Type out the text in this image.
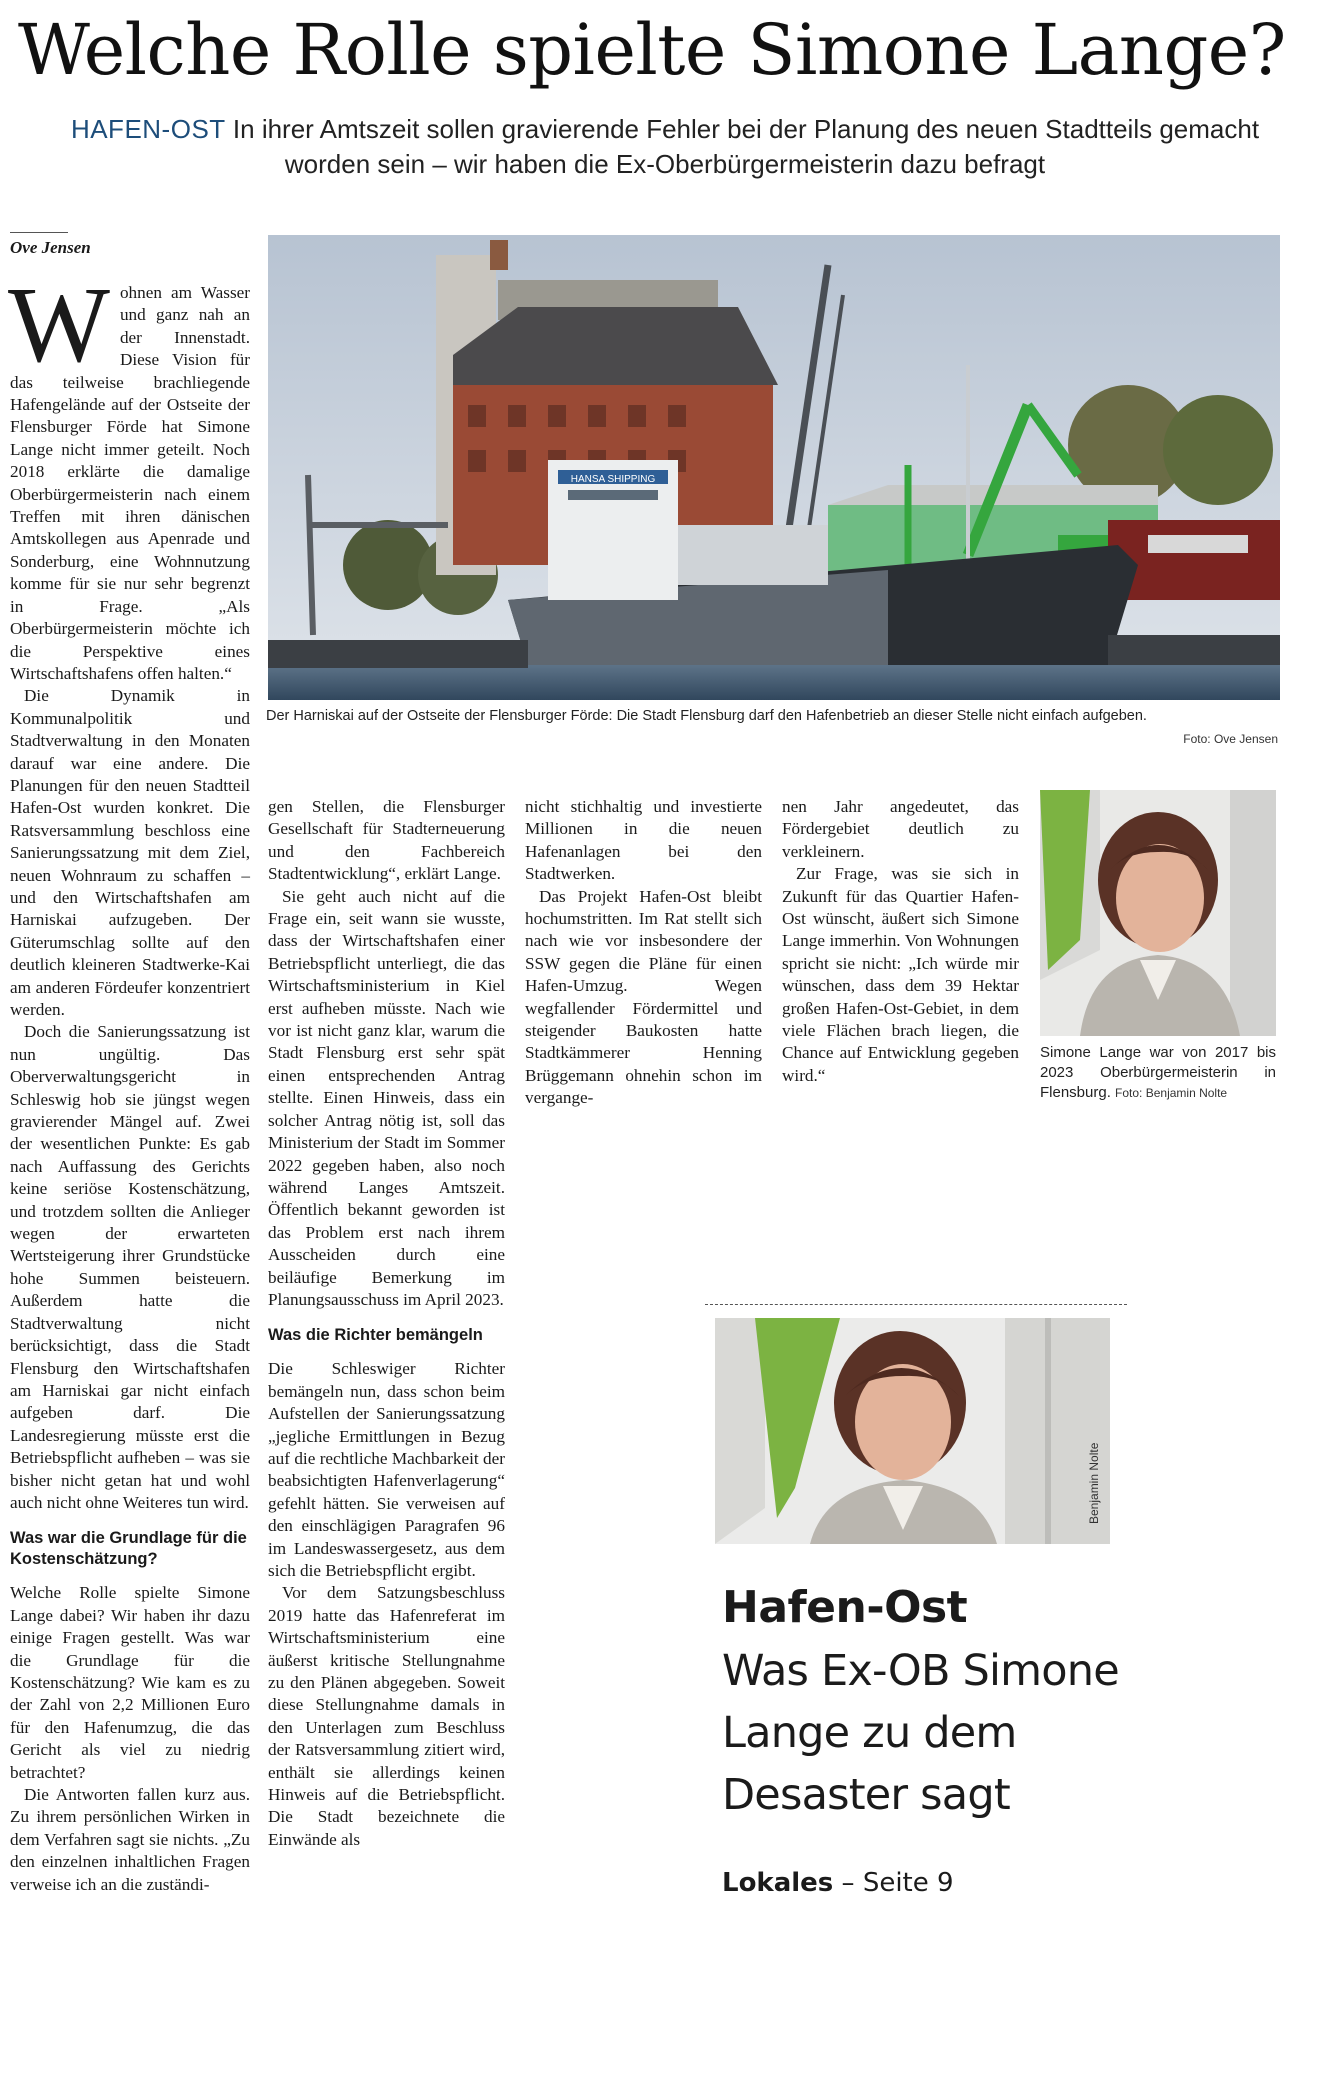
Welche Rolle spielte Simone Lange?
HAFEN-OST In ihrer Amtszeit sollen gravierende Fehler bei der Planung des neuen Stadtteils gemacht worden sein – wir haben die Ex-Oberbürgermeisterin dazu befragt
Ove Jensen

Wohnen am Wasser und ganz nah an der Innenstadt. Diese Vision für das teilweise brachliegende Hafengelände auf der Ostseite der Flensburger Förde hat Simone Lange nicht immer geteilt. Noch 2018 erklärte die damalige Oberbürgermeisterin nach einem Treffen mit ihren dänischen Amtskollegen aus Apenrade und Sonderburg, eine Wohnnutzung komme für sie nur sehr begrenzt in Frage. „Als Oberbürgermeisterin möchte ich die Perspektive eines Wirtschaftshafens offen halten.“

Die Dynamik in Kommunalpolitik und Stadtverwaltung in den Monaten darauf war eine andere. Die Planungen für den neuen Stadtteil Hafen-Ost wurden konkret. Die Ratsversammlung beschloss eine Sanierungssatzung mit dem Ziel, neuen Wohnraum zu schaffen – und den Wirtschaftshafen am Harniskai aufzugeben. Der Güterumschlag sollte auf den deutlich kleineren Stadtwerke-Kai am anderen Fördeufer konzentriert werden.

Doch die Sanierungssatzung ist nun ungültig. Das Oberverwaltungsgericht in Schleswig hob sie jüngst wegen gravierender Mängel auf. Zwei der wesentlichen Punkte: Es gab nach Auffassung des Gerichts keine seriöse Kostenschätzung, und trotzdem sollten die Anlieger wegen der erwarteten Wertsteigerung ihrer Grundstücke hohe Summen beisteuern. Außerdem hatte die Stadtverwaltung nicht berücksichtigt, dass die Stadt Flensburg den Wirtschaftshafen am Harniskai gar nicht einfach aufgeben darf. Die Landesregierung müsste erst die Betriebspflicht aufheben – was sie bisher nicht getan hat und wohl auch nicht ohne Weiteres tun wird.

Was war die Grundlage für die Kostenschätzung?

Welche Rolle spielte Simone Lange dabei? Wir haben ihr dazu einige Fragen gestellt. Was war die Grundlage für die Kostenschätzung? Wie kam es zu der Zahl von 2,2 Millionen Euro für den Hafenumzug, die das Gericht als viel zu niedrig betrachtet?

Die Antworten fallen kurz aus. Zu ihrem persönlichen Wirken in dem Verfahren sagt sie nichts. „Zu den einzelnen inhaltlichen Fragen verweise ich an die zuständi-

HANSA SHIPPING
Der Harniskai auf der Ostseite der Flensburger Förde: Die Stadt Flensburg darf den Hafenbetrieb an dieser Stelle nicht einfach aufgeben.
Foto: Ove Jensen

gen Stellen, die Flensburger Gesellschaft für Stadterneuerung und den Fachbereich Stadtentwicklung“, erklärt Lange.

Sie geht auch nicht auf die Frage ein, seit wann sie wusste, dass der Wirtschaftshafen einer Betriebspflicht unterliegt, die das Wirtschaftsministerium in Kiel erst aufheben müsste. Nach wie vor ist nicht ganz klar, warum die Stadt Flensburg erst sehr spät einen entsprechenden Antrag stellte. Einen Hinweis, dass ein solcher Antrag nötig ist, soll das Ministerium der Stadt im Sommer 2022 gegeben haben, also noch während Langes Amtszeit. Öffentlich bekannt geworden ist das Problem erst nach ihrem Ausscheiden durch eine beiläufige Bemerkung im Planungsausschuss im April 2023.

Was die Richter bemängeln

Die Schleswiger Richter bemängeln nun, dass schon beim Aufstellen der Sanierungssatzung „jegliche Ermittlungen in Bezug auf die rechtliche Machbarkeit der beabsichtigten Hafenverlagerung“ gefehlt hätten. Sie verweisen auf den einschlägigen Paragrafen 96 im Landeswassergesetz, aus dem sich die Betriebspflicht ergibt.

Vor dem Satzungsbeschluss 2019 hatte das Hafenreferat im Wirtschaftsministerium eine äußerst kritische Stellungnahme zu den Plänen abgegeben. Soweit diese Stellungnahme damals in den Unterlagen zum Beschluss der Ratsversammlung zitiert wird, enthält sie allerdings keinen Hinweis auf die Betriebspflicht. Die Stadt bezeichnete die Einwände als

nicht stichhaltig und investierte Millionen in die neuen Hafenanlagen bei den Stadtwerken.

Das Projekt Hafen-Ost bleibt hochumstritten. Im Rat stellt sich nach wie vor insbesondere der SSW gegen die Pläne für einen Hafen-Umzug. Wegen wegfallender Fördermittel und steigender Baukosten hatte Stadtkämmerer Henning Brüggemann ohnehin schon im vergange-

nen Jahr angedeutet, das Fördergebiet deutlich zu verkleinern.

Zur Frage, was sie sich in Zukunft für das Quartier Hafen-Ost wünscht, äußert sich Simone Lange immerhin. Von Wohnungen spricht sie nicht: „Ich würde mir wünschen, dass dem 39 Hektar großen Hafen-Ost-Gebiet, in dem viele Flächen brach liegen, die Chance auf Entwicklung gegeben wird.“

Simone Lange war von 2017 bis 2023 Oberbürgermeisterin in Flensburg. Foto: Benjamin Nolte
Benjamin Nolte
Hafen-Ost
Was Ex-OB Simone Lange zu dem Desaster sagt
Lokales – Seite 9
